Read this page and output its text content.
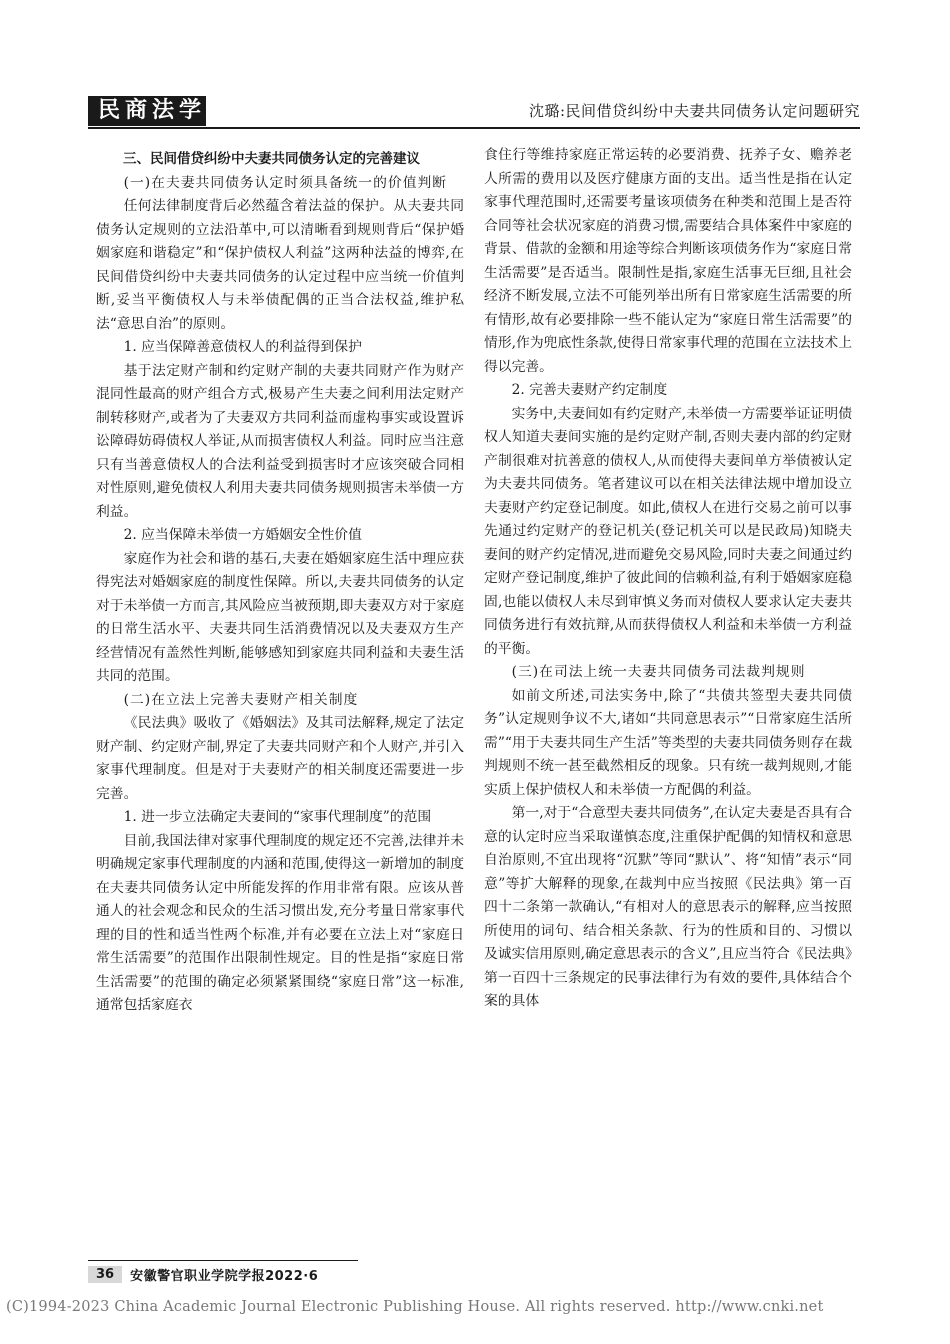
民商法学	沈璐:民间借贷纠纷中夫妻共同债务认定问题研究

三、民间借贷纠纷中夫妻共同债务认定的完善建议

(一)在夫妻共同债务认定时须具备统一的价值判断

任何法律制度背后必然蕴含着法益的保护。从夫妻共同债务认定规则的立法沿革中,可以清晰看到规则背后“保护婚姻家庭和谐稳定”和“保护债权人利益”这两种法益的博弈,在民间借贷纠纷中夫妻共同债务的认定过程中应当统一价值判断,妥当平衡债权人与未举债配偶的正当合法权益,维护私法“意思自治”的原则。

1. 应当保障善意债权人的利益得到保护

基于法定财产制和约定财产制的夫妻共同财产作为财产混同性最高的财产组合方式,极易产生夫妻之间利用法定财产制转移财产,或者为了夫妻双方共同利益而虚构事实或设置诉讼障碍妨碍债权人举证,从而损害债权人利益。同时应当注意只有当善意债权人的合法利益受到损害时才应该突破合同相对性原则,避免债权人利用夫妻共同债务规则损害未举债一方利益。

2. 应当保障未举债一方婚姻安全性价值

家庭作为社会和谐的基石,夫妻在婚姻家庭生活中理应获得宪法对婚姻家庭的制度性保障。所以,夫妻共同债务的认定对于未举债一方而言,其风险应当被预期,即夫妻双方对于家庭的日常生活水平、夫妻共同生活消费情况以及夫妻双方生产经营情况有盖然性判断,能够感知到家庭共同利益和夫妻生活共同的范围。

(二)在立法上完善夫妻财产相关制度

《民法典》吸收了《婚姻法》及其司法解释,规定了法定财产制、约定财产制,界定了夫妻共同财产和个人财产,并引入家事代理制度。但是对于夫妻财产的相关制度还需要进一步完善。

1. 进一步立法确定夫妻间的“家事代理制度”的范围

目前,我国法律对家事代理制度的规定还不完善,法律并未明确规定家事代理制度的内涵和范围,使得这一新增加的制度在夫妻共同债务认定中所能发挥的作用非常有限。应该从普通人的社会观念和民众的生活习惯出发,充分考量日常家事代理的目的性和适当性两个标准,并有必要在立法上对“家庭日常生活需要”的范围作出限制性规定。目的性是指“家庭日常生活需要”的范围的确定必须紧紧围绕“家庭日常”这一标准,通常包括家庭衣

食住行等维持家庭正常运转的必要消费、抚养子女、赡养老人所需的费用以及医疗健康方面的支出。适当性是指在认定家事代理范围时,还需要考量该项债务在种类和范围上是否符合同等社会状况家庭的消费习惯,需要结合具体案件中家庭的背景、借款的金额和用途等综合判断该项债务作为“家庭日常生活需要”是否适当。限制性是指,家庭生活事无巨细,且社会经济不断发展,立法不可能列举出所有日常家庭生活需要的所有情形,故有必要排除一些不能认定为“家庭日常生活需要”的情形,作为兜底性条款,使得日常家事代理的范围在立法技术上得以完善。

2. 完善夫妻财产约定制度

实务中,夫妻间如有约定财产,未举债一方需要举证证明债权人知道夫妻间实施的是约定财产制,否则夫妻内部的约定财产制很难对抗善意的债权人,从而使得夫妻间单方举债被认定为夫妻共同债务。笔者建议可以在相关法律法规中增加设立夫妻财产约定登记制度。如此,债权人在进行交易之前可以事先通过约定财产的登记机关(登记机关可以是民政局)知晓夫妻间的财产约定情况,进而避免交易风险,同时夫妻之间通过约定财产登记制度,维护了彼此间的信赖利益,有利于婚姻家庭稳固,也能以债权人未尽到审慎义务而对债权人要求认定夫妻共同债务进行有效抗辩,从而获得债权人利益和未举债一方利益的平衡。

(三)在司法上统一夫妻共同债务司法裁判规则

如前文所述,司法实务中,除了“共债共签型夫妻共同债务”认定规则争议不大,诸如“共同意思表示”“日常家庭生活所需”“用于夫妻共同生产生活”等类型的夫妻共同债务则存在裁判规则不统一甚至截然相反的现象。只有统一裁判规则,才能实质上保护债权人和未举债一方配偶的利益。

第一,对于“合意型夫妻共同债务”,在认定夫妻是否具有合意的认定时应当采取谨慎态度,注重保护配偶的知情权和意思自治原则,不宜出现将“沉默”等同“默认”、将“知情”表示“同意”等扩大解释的现象,在裁判中应当按照《民法典》第一百四十二条第一款确认,“有相对人的意思表示的解释,应当按照所使用的词句、结合相关条款、行为的性质和目的、习惯以及诚实信用原则,确定意思表示的含义”,且应当符合《民法典》第一百四十三条规定的民事法律行为有效的要件,具体结合个案的具体

36	安徽警官职业学院学报2022·6
(C)1994-2023 China Academic Journal Electronic Publishing House. All rights reserved. http://www.cnki.net
